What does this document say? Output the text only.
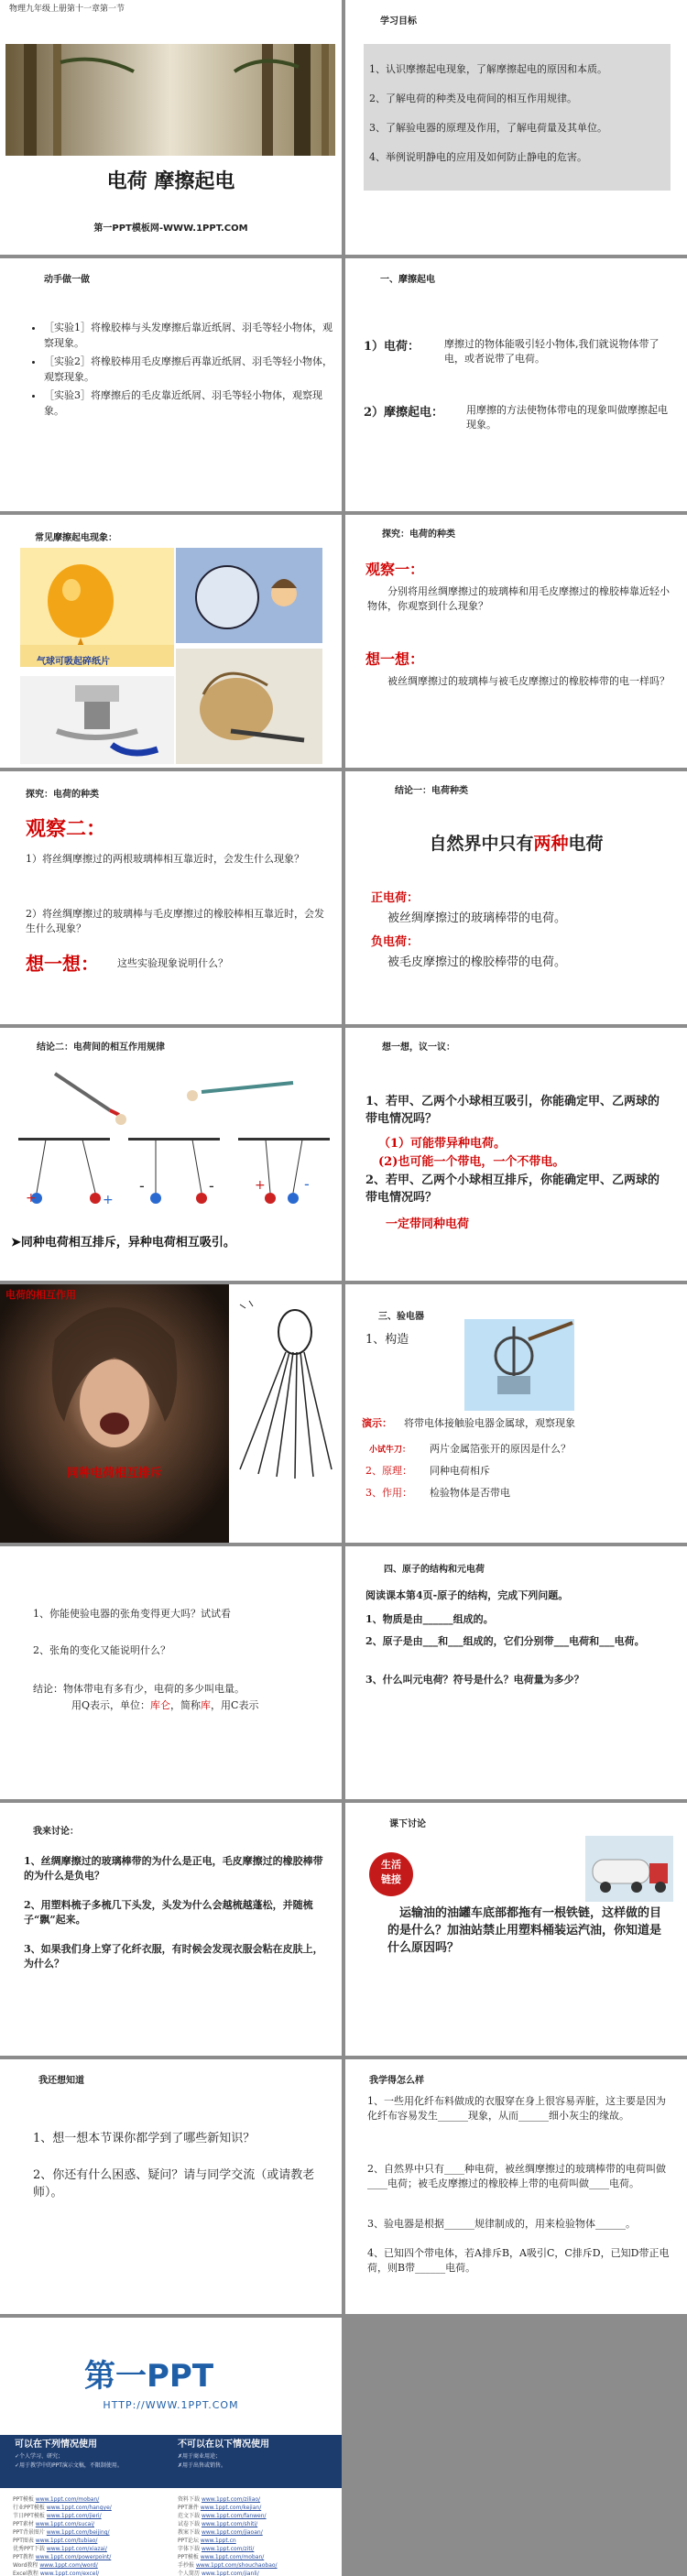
物理九年级上册第十一章第一节
电荷 摩擦起电
第一PPT模板网-WWW.1PPT.COM
学习目标
1、认识摩擦起电现象，了解摩擦起电的原因和本质。
2、了解电荷的种类及电荷间的相互作用规律。
3、了解验电器的原理及作用，了解电荷量及其单位。
4、举例说明静电的应用及如何防止静电的危害。
动手做一做
• ［实验1］将橡胶棒与头发摩擦后靠近纸屑、羽毛等轻小物体，观察现象。
• ［实验2］将橡胶棒用毛皮摩擦后再靠近纸屑、羽毛等轻小物体，观察现象。
• ［实验3］将摩擦后的毛皮靠近纸屑、羽毛等轻小物体，观察现象。
一、摩擦起电
1）电荷： 摩擦过的物体能吸引轻小物体,我们就说物体带了电，或者说带了电荷。
2）摩擦起电： 用摩擦的方法使物体带电的现象叫做摩擦起电现象。
常见摩擦起电现象：
气球可吸起碎纸片
探究：电荷的种类
观察一：
分别将用丝绸摩擦过的玻璃棒和用毛皮摩擦过的橡胶棒靠近轻小物体，你观察到什么现象？
想一想：
被丝绸摩擦过的玻璃棒与被毛皮摩擦过的橡胶棒带的电一样吗？
探究：电荷的种类
观察二：
1）将丝绸摩擦过的两根玻璃棒相互靠近时，会发生什么现象？
2）将丝绸摩擦过的玻璃棒与毛皮摩擦过的橡胶棒相互靠近时，会发生什么现象？
想一想： 这些实验现象说明什么？
结论一：电荷种类
自然界中只有两种电荷
正电荷：
被丝绸摩擦过的玻璃棒带的电荷。
负电荷：
被毛皮摩擦过的橡胶棒带的电荷。
结论二：电荷间的相互作用规律
+	+
-	-	+	-
➤同种电荷相互排斥，异种电荷相互吸引。
想一想，议一议：
1、若甲、乙两个小球相互吸引，你能确定甲、乙两球的带电情况吗？
（1）可能带异种电荷。
(2)也可能一个带电，一个不带电。
2、若甲、乙两个小球相互排斥，你能确定甲、乙两球的带电情况吗？
一定带同种电荷
电荷的相互作用
同种电荷相互排斥
三、验电器
1、构造
演示： 将带电体接触验电器金属球，观察现象
小试牛刀： 两片金属箔张开的原因是什么？
2、原理： 同种电荷相斥
3、作用： 检验物体是否带电
1、你能使验电器的张角变得更大吗？试试看
2、张角的变化又能说明什么？
结论：物体带电有多有少，电荷的多少叫电量。
用Q表示，单位：库仑，简称库，用C表示
四、原子的结构和元电荷
阅读课本第4页-原子的结构，完成下列问题。
1、物质是由______组成的。
2、原子是由___和___组成的，它们分别带___电荷和___电荷。
3、什么叫元电荷？符号是什么？电荷量为多少？
我来讨论：
1、丝绸摩擦过的玻璃棒带的为什么是正电，毛皮摩擦过的橡胶棒带的为什么是负电？
2、用塑料梳子多梳几下头发，头发为什么会越梳越蓬松，并随梳子“飘”起来。
3、如果我们身上穿了化纤衣服，有时候会发现衣服会粘在皮肤上，为什么？
课下讨论
生活
链接
运输油的油罐车底部都拖有一根铁链，这样做的目的是什么？加油站禁止用塑料桶装运汽油，你知道是什么原因吗？
我还想知道
1、想一想本节课你都学到了哪些新知识？
2、你还有什么困惑、疑问？请与同学交流（或请教老师）。
我学得怎么样
1、一些用化纤布料做成的衣服穿在身上很容易弄脏，这主要是因为化纤布容易发生______现象，从而______细小灰尘的缘故。
2、自然界中只有____种电荷，被丝绸摩擦过的玻璃棒带的电荷叫做____电荷；被毛皮摩擦过的橡胶棒上带的电荷叫做____电荷。
3、验电器是根据______规律制成的，用来检验物体______。
4、已知四个带电体，若A排斥B，A吸引C，C排斥D，已知D带正电荷，则B带______电荷。
第一PPT
HTTP://WWW.1PPT.COM
可以在下列情况使用
✓个人学习、研究；
✓用于教学中的PPT演示文稿，不限制使用。
不可以在以下情况使用
✗用于商业用途；
✗用于出售或销售。
PPT模板 www.1ppt.com/moban/
行业PPT模板 www.1ppt.com/hangye/
节日PPT模板 www.1ppt.com/jieri/
PPT素材 www.1ppt.com/sucai/
PPT背景图片 www.1ppt.com/beijing/
PPT图表 www.1ppt.com/tubiao/
优秀PPT下载 www.1ppt.com/xiazai/
PPT教程 www.1ppt.com/powerpoint/
Word教程 www.1ppt.com/word/
Excel教程 www.1ppt.com/excel/
资料下载 www.1ppt.com/ziliao/
PPT课件 www.1ppt.com/kejian/
范文下载 www.1ppt.com/fanwen/
试卷下载 www.1ppt.com/shiti/
教案下载 www.1ppt.com/jiaoan/
PPT论坛 www.1ppt.cn
字体下载 www.1ppt.com/ziti/
PPT模板 www.1ppt.com/moban/
手抄报 www.1ppt.com/shouchaobao/
个人简历 www.1ppt.com/jianli/
